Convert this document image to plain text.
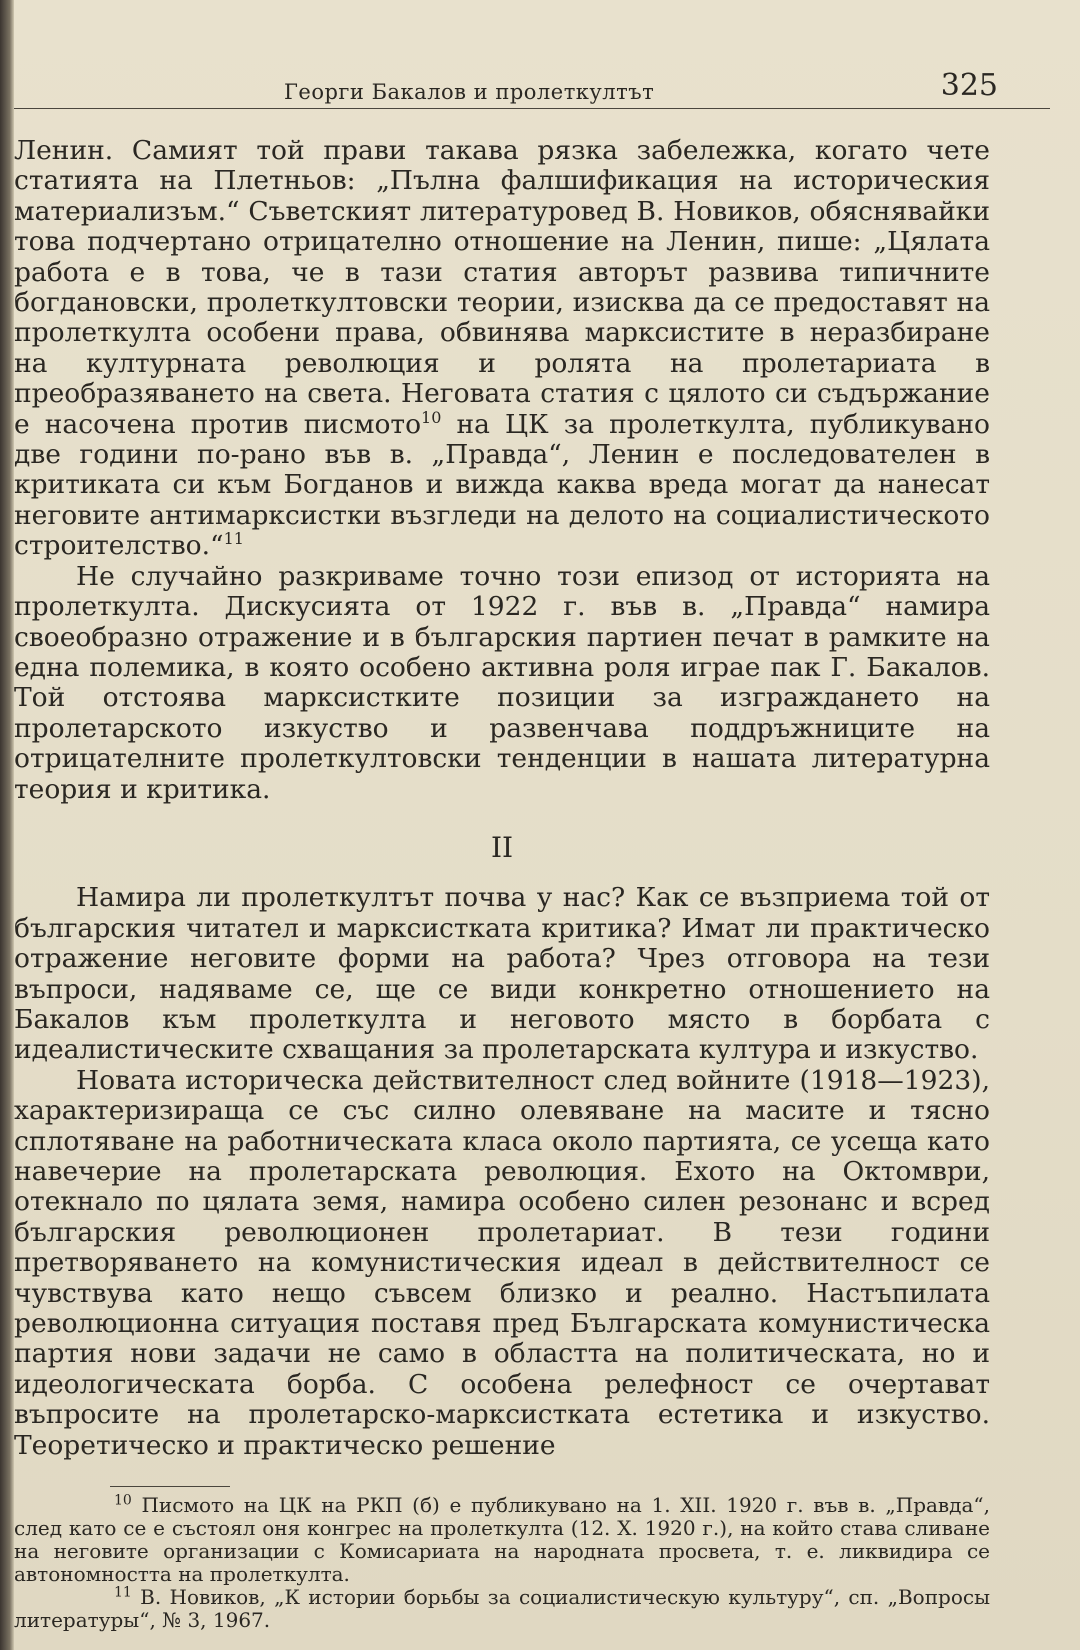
Георги Бакалов и пролеткултът	325

Ленин. Самият той прави такава рязка забележка, когато чете статията на Плетньов: „Пълна фалшификация на историческия материализъм.“ Съветският литературовед В. Новиков, обяснявайки това подчертано отрицателно отношение на Ленин, пише: „Цялата работа е в това, че в тази статия авторът развива типичните богдановски, пролеткултовски теории, изисква да се предоставят на пролеткулта особени права, обвинява марксистите в неразбиране на културната революция и ролята на пролетариата в преобразяването на света. Неговата статия с цялото си съдържание е насочена против писмото$^{10}$ на ЦК за пролеткулта, публикувано две години по-рано във в. „Правда“, Ленин е последователен в критиката си към Богданов и вижда каква вреда могат да нанесат неговите антимарксистки възгледи на делото на социалистическото строителство.“$^{11}$

Не случайно разкриваме точно този епизод от историята на пролеткулта. Дискусията от 1922 г. във в. „Правда“ намира своеобразно отражение и в българския партиен печат в рамките на една полемика, в която особено активна роля играе пак Г. Бакалов. Той отстоява марксистките позиции за изграждането на пролетарското изкуство и развенчава поддръжниците на отрицателните пролеткултовски тенденции в нашата литературна теория и критика.

II

Намира ли пролеткултът почва у нас? Как се възприема той от българския читател и марксистката критика? Имат ли практическо отражение неговите форми на работа? Чрез отговора на тези въпроси, надяваме се, ще се види конкретно отношението на Бакалов към пролеткулта и неговото място в борбата с идеалистическите схващания за пролетарската култура и изкуство.

Новата историческа действителност след войните (1918—1923), характеризираща се със силно олевяване на масите и тясно сплотяване на работническата класа около партията, се усеща като навечерие на пролетарската революция. Ехото на Октомври, отекнало по цялата земя, намира особено силен резонанс и всред българския революционен пролетариат. В тези години претворяването на комунистическия идеал в действителност се чувствува като нещо съвсем близко и реално. Настъпилата революционна ситуация поставя пред Българската комунистическа партия нови задачи не само в областта на политическата, но и идеологическата борба. С особена релефност се очертават въпросите на пролетарско-марксистката естетика и изкуство. Теоретическо и практическо решение

$^{10}$ Писмото на ЦК на РКП (б) е публикувано на 1. XII. 1920 г. във в. „Правда“, след като се е състоял оня конгрес на пролеткулта (12. X. 1920 г.), на който става сливане на неговите организации с Комисариата на народната просвета, т. е. ликвидира се автономността на пролеткулта.

$^{11}$ В. Новиков, „К истории борьбы за социалистическую культуру“, сп. „Вопросы литературы“, № 3, 1967.
